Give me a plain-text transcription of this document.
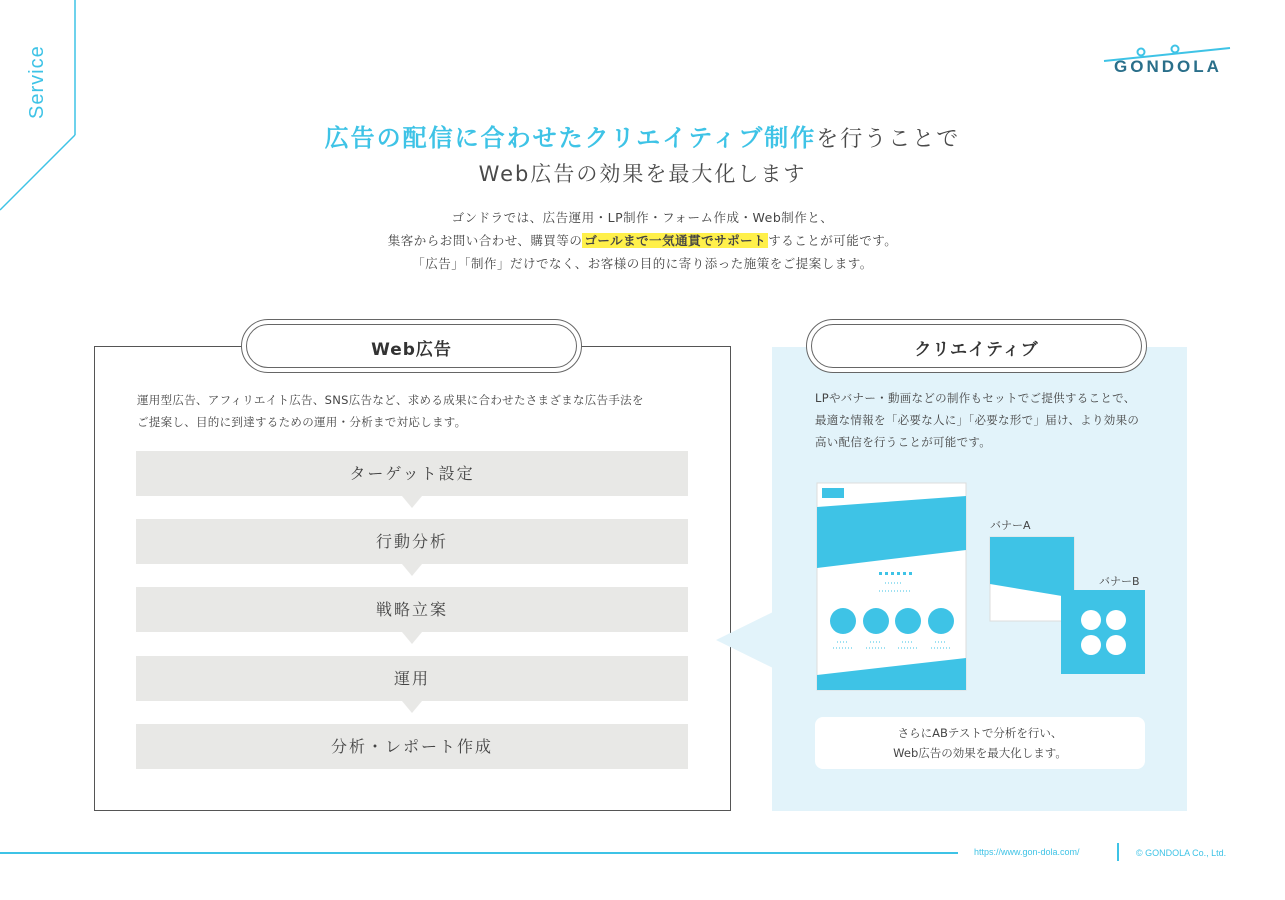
Service	GONDOLA
広告の配信に合わせたクリエイティブ制作を行うことで
Web広告の効果を最大化します
ゴンドラでは、広告運用・LP制作・フォーム作成・Web制作と、
集客からお問い合わせ、購買等の ゴールまで一気通貫でサポート することが可能です。
「広告」「制作」だけでなく、お客様の目的に寄り添った施策をご提案します。
Web広告
運用型広告、アフィリエイト広告、SNS広告など、求める成果に合わせたさまざまな広告手法を
ご提案し、目的に到達するための運用・分析まで対応します。
ターゲット設定
行動分析
戦略立案
運用
分析・レポート作成
クリエイティブ
LPやバナー・動画などの制作もセットでご提供することで、
最適な情報を「必要な人に」「必要な形で」届け、より効果の
高い配信を行うことが可能です。
バナーA
バナーB
さらにABテストで分析を行い、
Web広告の効果を最大化します。
https://www.gon-dola.com/	© GONDOLA Co., Ltd.
